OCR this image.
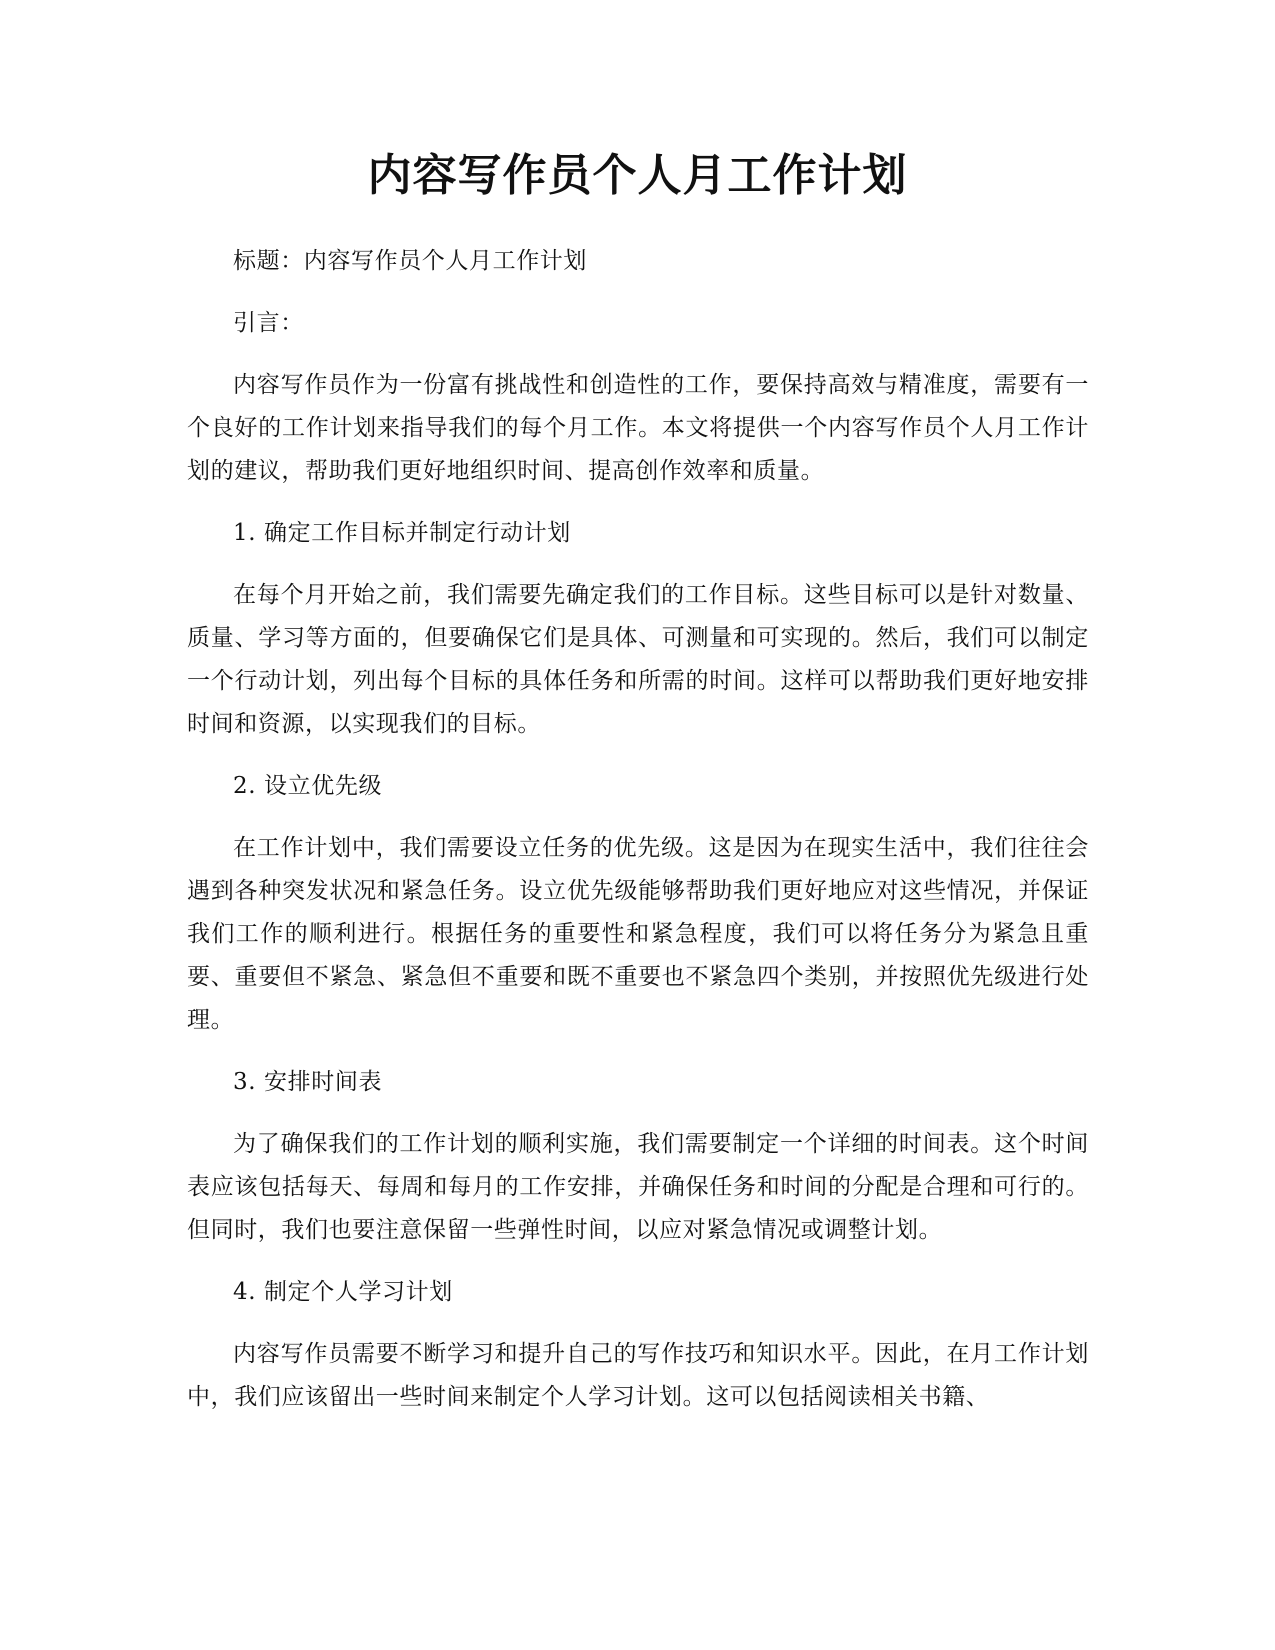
内容写作员个人月工作计划

标题：内容写作员个人月工作计划

引言：

内容写作员作为一份富有挑战性和创造性的工作，要保持高效与精准度，需要有一个良好的工作计划来指导我们的每个月工作。本文将提供一个内容写作员个人月工作计划的建议，帮助我们更好地组织时间、提高创作效率和质量。

1. 确定工作目标并制定行动计划

在每个月开始之前，我们需要先确定我们的工作目标。这些目标可以是针对数量、质量、学习等方面的，但要确保它们是具体、可测量和可实现的。然后，我们可以制定一个行动计划，列出每个目标的具体任务和所需的时间。这样可以帮助我们更好地安排时间和资源，以实现我们的目标。

2. 设立优先级

在工作计划中，我们需要设立任务的优先级。这是因为在现实生活中，我们往往会遇到各种突发状况和紧急任务。设立优先级能够帮助我们更好地应对这些情况，并保证我们工作的顺利进行。根据任务的重要性和紧急程度，我们可以将任务分为紧急且重要、重要但不紧急、紧急但不重要和既不重要也不紧急四个类别，并按照优先级进行处理。

3. 安排时间表

为了确保我们的工作计划的顺利实施，我们需要制定一个详细的时间表。这个时间表应该包括每天、每周和每月的工作安排，并确保任务和时间的分配是合理和可行的。但同时，我们也要注意保留一些弹性时间，以应对紧急情况或调整计划。

4. 制定个人学习计划

内容写作员需要不断学习和提升自己的写作技巧和知识水平。因此，在月工作计划中，我们应该留出一些时间来制定个人学习计划。这可以包括阅读相关书籍、
